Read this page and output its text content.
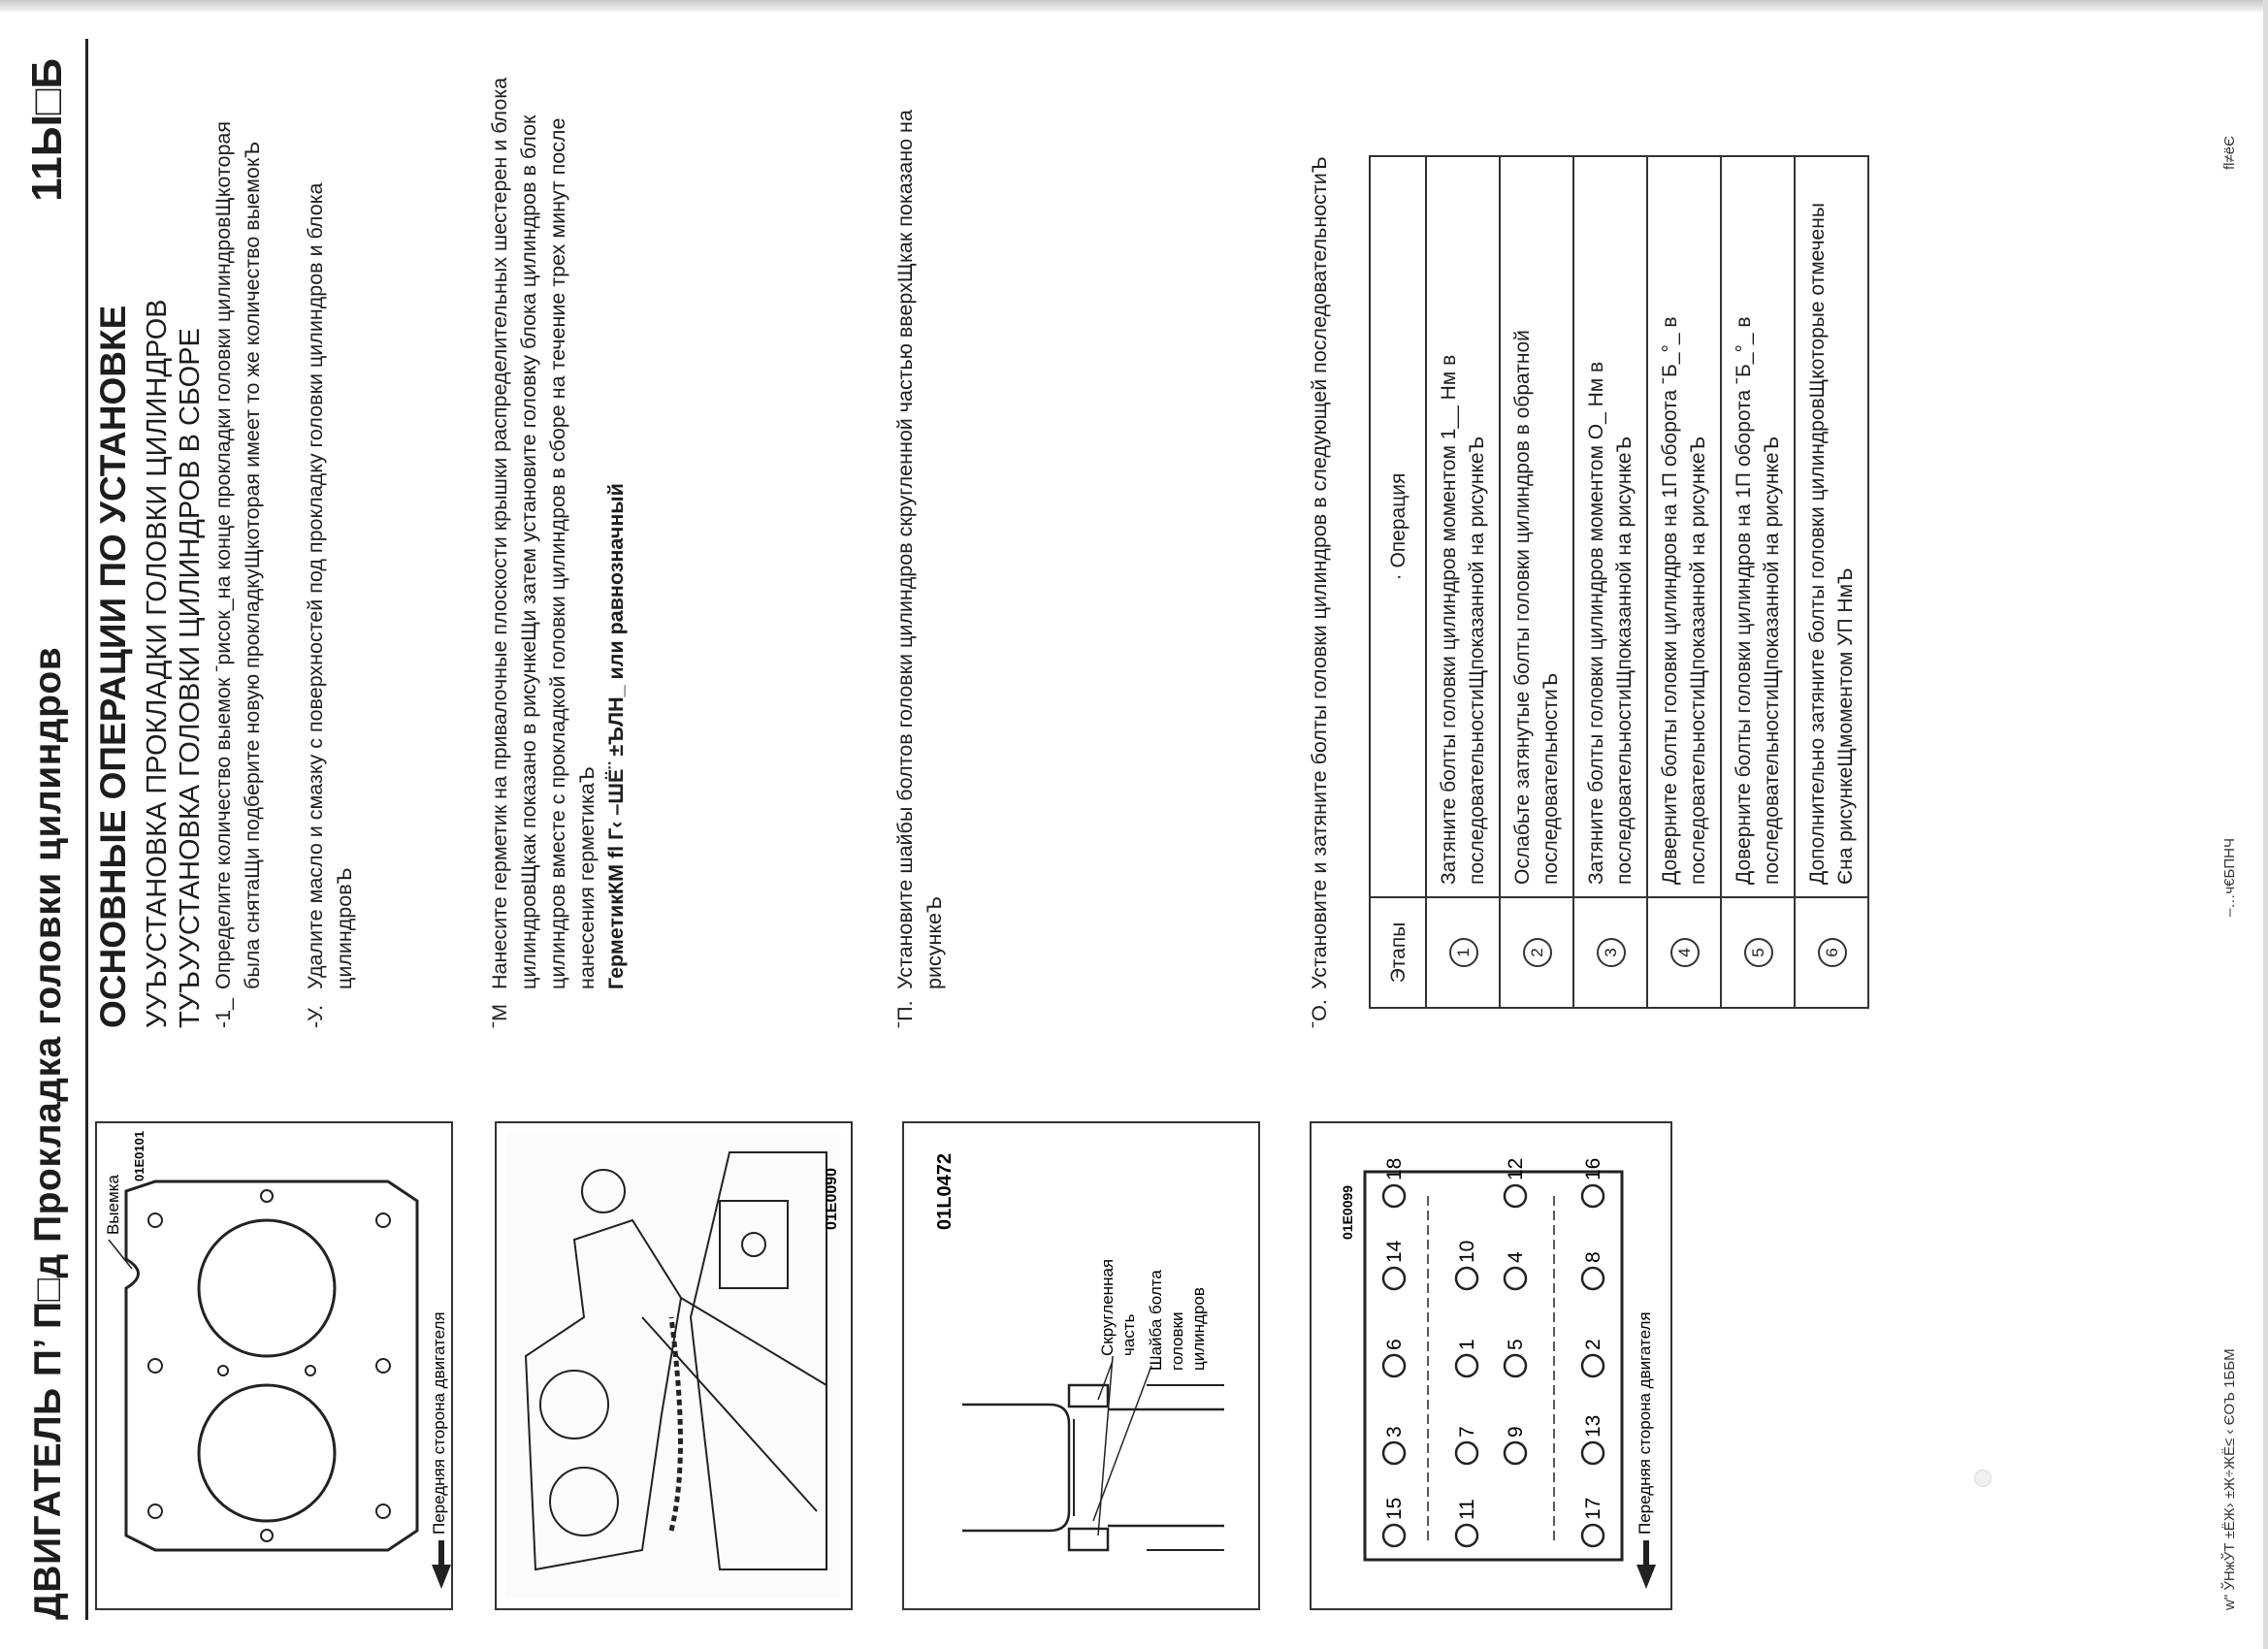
ДВИГАТЕЛЬ П’ П□д Прокладка головки цилиндров
11Ы□Б
ОСНОВНЫЕ ОПЕРАЦИИ ПО УСТАНОВКЕ УУЪУСТАНОВКА ПРОКЛАДКИ ГОЛОВКИ ЦИЛИНДРОВ ТУЪУУСТАНОВКА ГОЛОВКИ ЦИЛИНДРОВ В СБОРЕ -1_
Определите количество выемок ˉрисок_на конце прокладки головки цилиндровЩкоторая была снятаЩи подберите новую прокладкуЩкоторая имеет то же количество выемокЪ
-У.
Удалите масло и смазку с поверхностей под прокладку головки цилиндров и блока цилиндровЪ
ˉМ
Нанесите герметик на привалочные плоскости крышки распределительных шестерен и блока цилиндровЩкак показано в рисункеЩи затем установите головку блока цилиндров в блок цилиндров вместе с прокладкой головки цилиндров в сборе на течение трех минут после нанесения герметикаЪ ГерметикКМ fl Г‹ –ШЁ¨ ±ЪЛН_ или равнозначный
ˉП.
Установите шайбы болтов головки цилиндров скругленной частью вверхЩкак показано на рисункеЪ
ˉО.
Установите и затяните болты головки цилиндров в следующей последовательностиЪ	Этапы	· Операция
1	Затяните болты головки цилиндров моментом 1__ Нм в последовательностиЩпоказанной на рисункеЪ
2	Ослабьте затянутые болты головки цилиндров в обратной последовательностиЪ
3	Затяните болты головки цилиндров моментом О_ Нм в последовательностиЩпоказанной на рисункеЪ
4	Доверните болты головки цилиндров на 1П оборота ˉБ_°_ в последовательностиЩпоказанной на рисункеЪ
5	Доверните болты головки цилиндров на 1П оборота ˉБ_°_ в последовательностиЩпоказанной на рисункеЪ
6	Дополнительно затяните болты головки цилиндровЩкоторые отмечены Єна рисункеЩмоментом УП НмЪ
Передняя сторона двигателя
Выемка
01E0101
01E0090
Скругленная часть Шайба болта головки цилиндров
01L0472
Передняя сторона двигателя
01E0099
15 11
3
6
14
18
7
1
10
17
13
9
5	2
4	8
12	16
w" ЎНжЎТ ±ЁЖ› ±Ж÷ЖЁ≤ ‹ ЄОЪ 1ББМ
–…ч€БПНЧ
fl≠ёЄ
